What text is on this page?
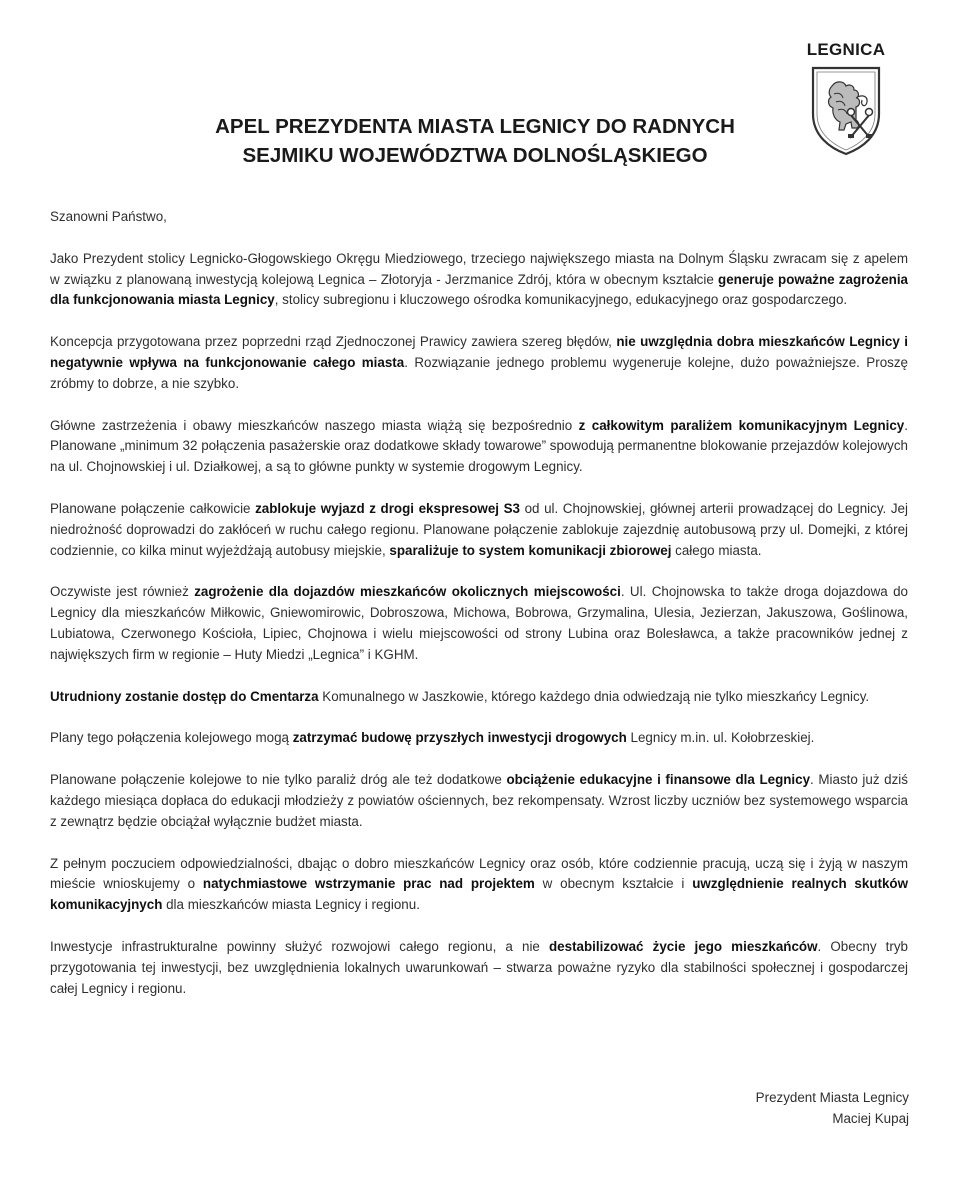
LEGNICA
APEL PREZYDENTA MIASTA LEGNICY DO RADNYCH
SEJMIKU WOJEWÓDZTWA DOLNOŚLĄSKIEGO

Szanowni Państwo,

Jako Prezydent stolicy Legnicko-Głogowskiego Okręgu Miedziowego, trzeciego największego miasta na Dolnym Śląsku zwracam się z apelem w związku z planowaną inwestycją kolejową Legnica – Złotoryja - Jerzmanice Zdrój, która w obecnym kształcie generuje poważne zagrożenia dla funkcjonowania miasta Legnicy, stolicy subregionu i kluczowego ośrodka komunikacyjnego, edukacyjnego oraz gospodarczego.

Koncepcja przygotowana przez poprzedni rząd Zjednoczonej Prawicy zawiera szereg błędów, nie uwzględnia dobra mieszkańców Legnicy i negatywnie wpływa na funkcjonowanie całego miasta. Rozwiązanie jednego problemu wygeneruje kolejne, dużo poważniejsze. Proszę zróbmy to dobrze, a nie szybko.

Główne zastrzeżenia i obawy mieszkańców naszego miasta wiążą się bezpośrednio z całkowitym paraliżem komunikacyjnym Legnicy. Planowane „minimum 32 połączenia pasażerskie oraz dodatkowe składy towarowe” spowodują permanentne blokowanie przejazdów kolejowych na ul. Chojnowskiej i ul. Działkowej, a są to główne punkty w systemie drogowym Legnicy.

Planowane połączenie całkowicie zablokuje wyjazd z drogi ekspresowej S3 od ul. Chojnowskiej, głównej arterii prowadzącej do Legnicy. Jej niedrożność doprowadzi do zakłóceń w ruchu całego regionu. Planowane połączenie zablokuje zajezdnię autobusową przy ul. Domejki, z której codziennie, co kilka minut wyjeżdżają autobusy miejskie, sparaliżuje to system komunikacji zbiorowej całego miasta.

Oczywiste jest również zagrożenie dla dojazdów mieszkańców okolicznych miejscowości. Ul. Chojnowska to także droga dojazdowa do Legnicy dla mieszkańców Miłkowic, Gniewomirowic, Dobroszowa, Michowa, Bobrowa, Grzymalina, Ulesia, Jezierzan, Jakuszowa, Goślinowa, Lubiatowa, Czerwonego Kościoła, Lipiec, Chojnowa i wielu miejscowości od strony Lubina oraz Bolesławca, a także pracowników jednej z największych firm w regionie – Huty Miedzi „Legnica” i KGHM.

Utrudniony zostanie dostęp do Cmentarza Komunalnego w Jaszkowie, którego każdego dnia odwiedzają nie tylko mieszkańcy Legnicy.

Plany tego połączenia kolejowego mogą zatrzymać budowę przyszłych inwestycji drogowych Legnicy m.in. ul. Kołobrzeskiej.

Planowane połączenie kolejowe to nie tylko paraliż dróg ale też dodatkowe obciążenie edukacyjne i finansowe dla Legnicy. Miasto już dziś każdego miesiąca dopłaca do edukacji młodzieży z powiatów ościennych, bez rekompensaty. Wzrost liczby uczniów bez systemowego wsparcia z zewnątrz będzie obciążał wyłącznie budżet miasta.

Z pełnym poczuciem odpowiedzialności, dbając o dobro mieszkańców Legnicy oraz osób, które codziennie pracują, uczą się i żyją w naszym mieście wnioskujemy o natychmiastowe wstrzymanie prac nad projektem w obecnym kształcie i uwzględnienie realnych skutków komunikacyjnych dla mieszkańców miasta Legnicy i regionu.

Inwestycje infrastrukturalne powinny służyć rozwojowi całego regionu, a nie destabilizować życie jego mieszkańców. Obecny tryb przygotowania tej inwestycji, bez uwzględnienia lokalnych uwarunkowań – stwarza poważne ryzyko dla stabilności społecznej i gospodarczej całej Legnicy i regionu.

Prezydent Miasta Legnicy
Maciej Kupaj
